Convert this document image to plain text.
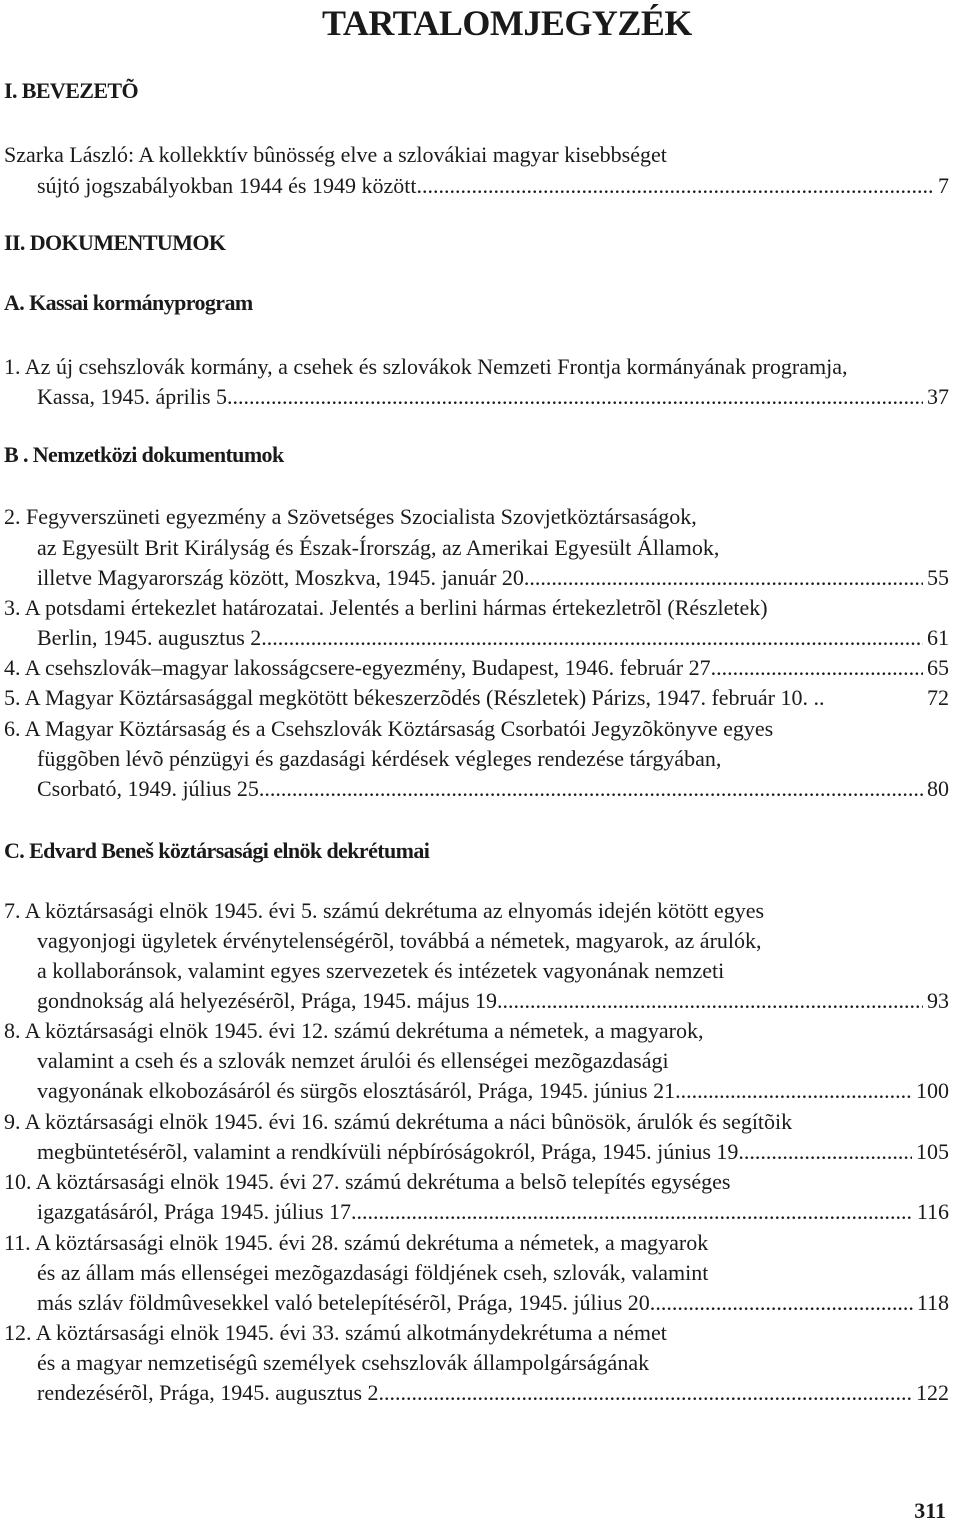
TARTALOMJEGYZÉK
I. BEVEZETÕ
Szarka László: A kollekktív bûnösség elve a szlovákiai magyar kisebbséget
sújtó jogszabályokban 1944 és 1949 között .....	7
II. DOKUMENTUMOK
A. Kassai kormányprogram
1. Az új csehszlovák kormány, a csehek és szlovákok Nemzeti Frontja kormányának programja,
Kassa, 1945. április 5. .....	37
B . Nemzetközi dokumentumok
2. Fegyverszüneti egyezmény a Szövetséges Szocialista Szovjetköztársaságok,
az Egyesült Brit Királyság és Észak-Írország, az Amerikai Egyesült Államok,
illetve Magyarország között, Moszkva, 1945. január 20. .....	55
3. A potsdami értekezlet határozatai. Jelentés a berlini hármas értekezletrõl (Részletek)
Berlin, 1945. augusztus 2. .....	61
4. A csehszlovák–magyar lakosságcsere-egyezmény, Budapest, 1946. február 27. .....	65
5. A Magyar Köztársasággal megkötött békeszerzõdés (Részletek) Párizs, 1947. február 10. ..	72
6. A Magyar Köztársaság és a Csehszlovák Köztársaság Csorbatói Jegyzõkönyve egyes
függõben lévõ pénzügyi és gazdasági kérdések végleges rendezése tárgyában,
Csorbató, 1949. július 25. .....	80
C. Edvard Beneš köztársasági elnök dekrétumai
7. A köztársasági elnök 1945. évi 5. számú dekrétuma az elnyomás idején kötött egyes
vagyonjogi ügyletek érvénytelenségérõl, továbbá a németek, magyarok, az árulók,
a kollaboránsok, valamint egyes szervezetek és intézetek vagyonának nemzeti
gondnokság alá helyezésérõl, Prága, 1945. május 19. .....	93
8. A köztársasági elnök 1945. évi 12. számú dekrétuma a németek, a magyarok,
valamint a cseh és a szlovák nemzet árulói és ellenségei mezõgazdasági
vagyonának elkobozásáról és sürgõs elosztásáról, Prága, 1945. június 21. .....	100
9. A köztársasági elnök 1945. évi 16. számú dekrétuma a náci bûnösök, árulók és segítõik
megbüntetésérõl, valamint a rendkívüli népbíróságokról, Prága, 1945. június 19. .....	105
10. A köztársasági elnök 1945. évi 27. számú dekrétuma a belsõ telepítés egységes
igazgatásáról, Prága 1945. július 17. .....	116
11. A köztársasági elnök 1945. évi 28. számú dekrétuma a németek, a magyarok
és az állam más ellenségei mezõgazdasági földjének cseh, szlovák, valamint
más szláv földmûvesekkel való betelepítésérõl, Prága, 1945. július 20. .....	118
12. A köztársasági elnök 1945. évi 33. számú alkotmánydekrétuma a német
és a magyar nemzetiségû személyek csehszlovák állampolgárságának
rendezésérõl, Prága, 1945. augusztus 2. .....	122
311
